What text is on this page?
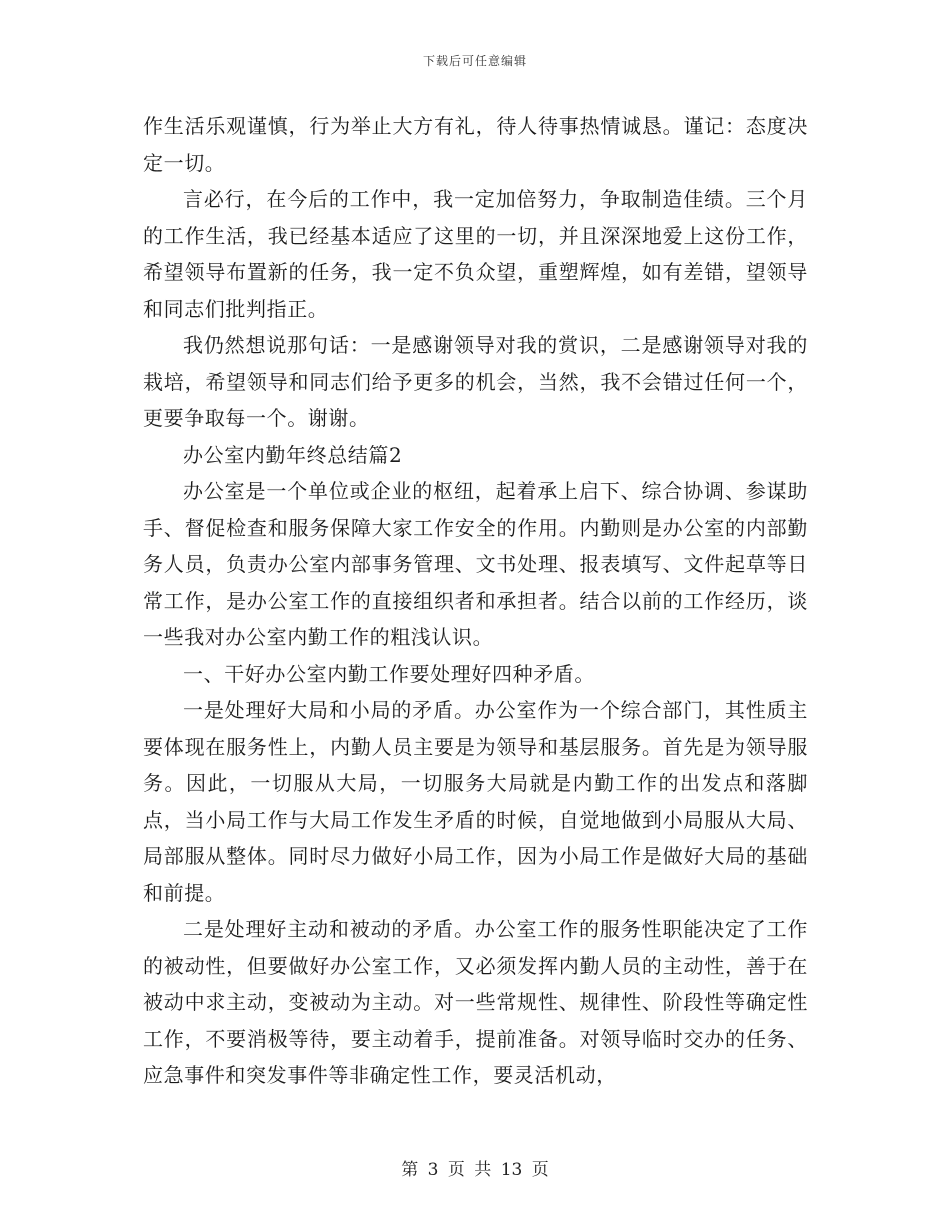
下载后可任意编辑

作生活乐观谨慎，行为举止大方有礼，待人待事热情诚恳。谨记：态度决定一切。

言必行，在今后的工作中，我一定加倍努力，争取制造佳绩。三个月的工作生活，我已经基本适应了这里的一切，并且深深地爱上这份工作，希望领导布置新的任务，我一定不负众望，重塑辉煌，如有差错，望领导和同志们批判指正。

我仍然想说那句话：一是感谢领导对我的赏识，二是感谢领导对我的栽培，希望领导和同志们给予更多的机会，当然，我不会错过任何一个，更要争取每一个。谢谢。

办公室内勤年终总结篇2

办公室是一个单位或企业的枢纽，起着承上启下、综合协调、参谋助手、督促检查和服务保障大家工作安全的作用。内勤则是办公室的内部勤务人员，负责办公室内部事务管理、文书处理、报表填写、文件起草等日常工作，是办公室工作的直接组织者和承担者。结合以前的工作经历，谈一些我对办公室内勤工作的粗浅认识。

一、干好办公室内勤工作要处理好四种矛盾。

一是处理好大局和小局的矛盾。办公室作为一个综合部门，其性质主要体现在服务性上，内勤人员主要是为领导和基层服务。首先是为领导服务。因此，一切服从大局，一切服务大局就是内勤工作的出发点和落脚点，当小局工作与大局工作发生矛盾的时候，自觉地做到小局服从大局、局部服从整体。同时尽力做好小局工作，因为小局工作是做好大局的基础和前提。

二是处理好主动和被动的矛盾。办公室工作的服务性职能决定了工作的被动性，但要做好办公室工作，又必须发挥内勤人员的主动性，善于在被动中求主动，变被动为主动。对一些常规性、规律性、阶段性等确定性工作，不要消极等待，要主动着手，提前准备。对领导临时交办的任务、应急事件和突发事件等非确定性工作，要灵活机动，

第 3 页 共 13 页
